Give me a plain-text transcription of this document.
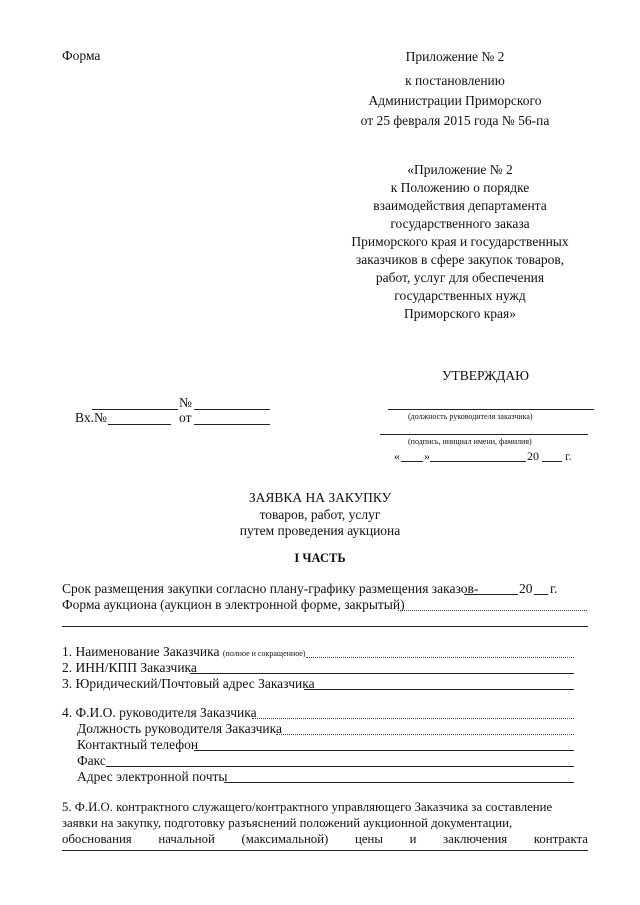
Форма	Приложение № 2
к постановлению
Администрации Приморского
от 25 февраля 2015 года № 56-па
«Приложение № 2
к Положению о порядке
взаимодействия департамента
государственного заказа
Приморского края и государственных
заказчиков в сфере закупок товаров,
работ, услуг для обеспечения
государственных нужд
Приморского края»
УТВЕРЖДАЮ
(должность руководителя заказчика)
(подпись, инициал имени, фамилия)
« »	20 г.
№
Вх.№	от
ЗАЯВКА НА ЗАКУПКУ
товаров, работ, услуг
путем проведения аукциона
I ЧАСТЬ
Срок размещения закупки согласно плану-графику размещения заказов-	20 г.
Форма аукциона (аукцион в электронной форме, закрытый)
1. Наименование Заказчика (полное и сокращенное)
2. ИНН/КПП Заказчика
3. Юридический/Почтовый адрес Заказчика
4. Ф.И.О. руководителя Заказчика
Должность руководителя Заказчика
Контактный телефон
Факс
Адрес электронной почты
5. Ф.И.О. контрактного служащего/контрактного управляющего Заказчика за составление
заявки на закупку, подготовку разъяснений положений аукционной документации,
обоснования начальной (максимальной) цены и заключения контракта
